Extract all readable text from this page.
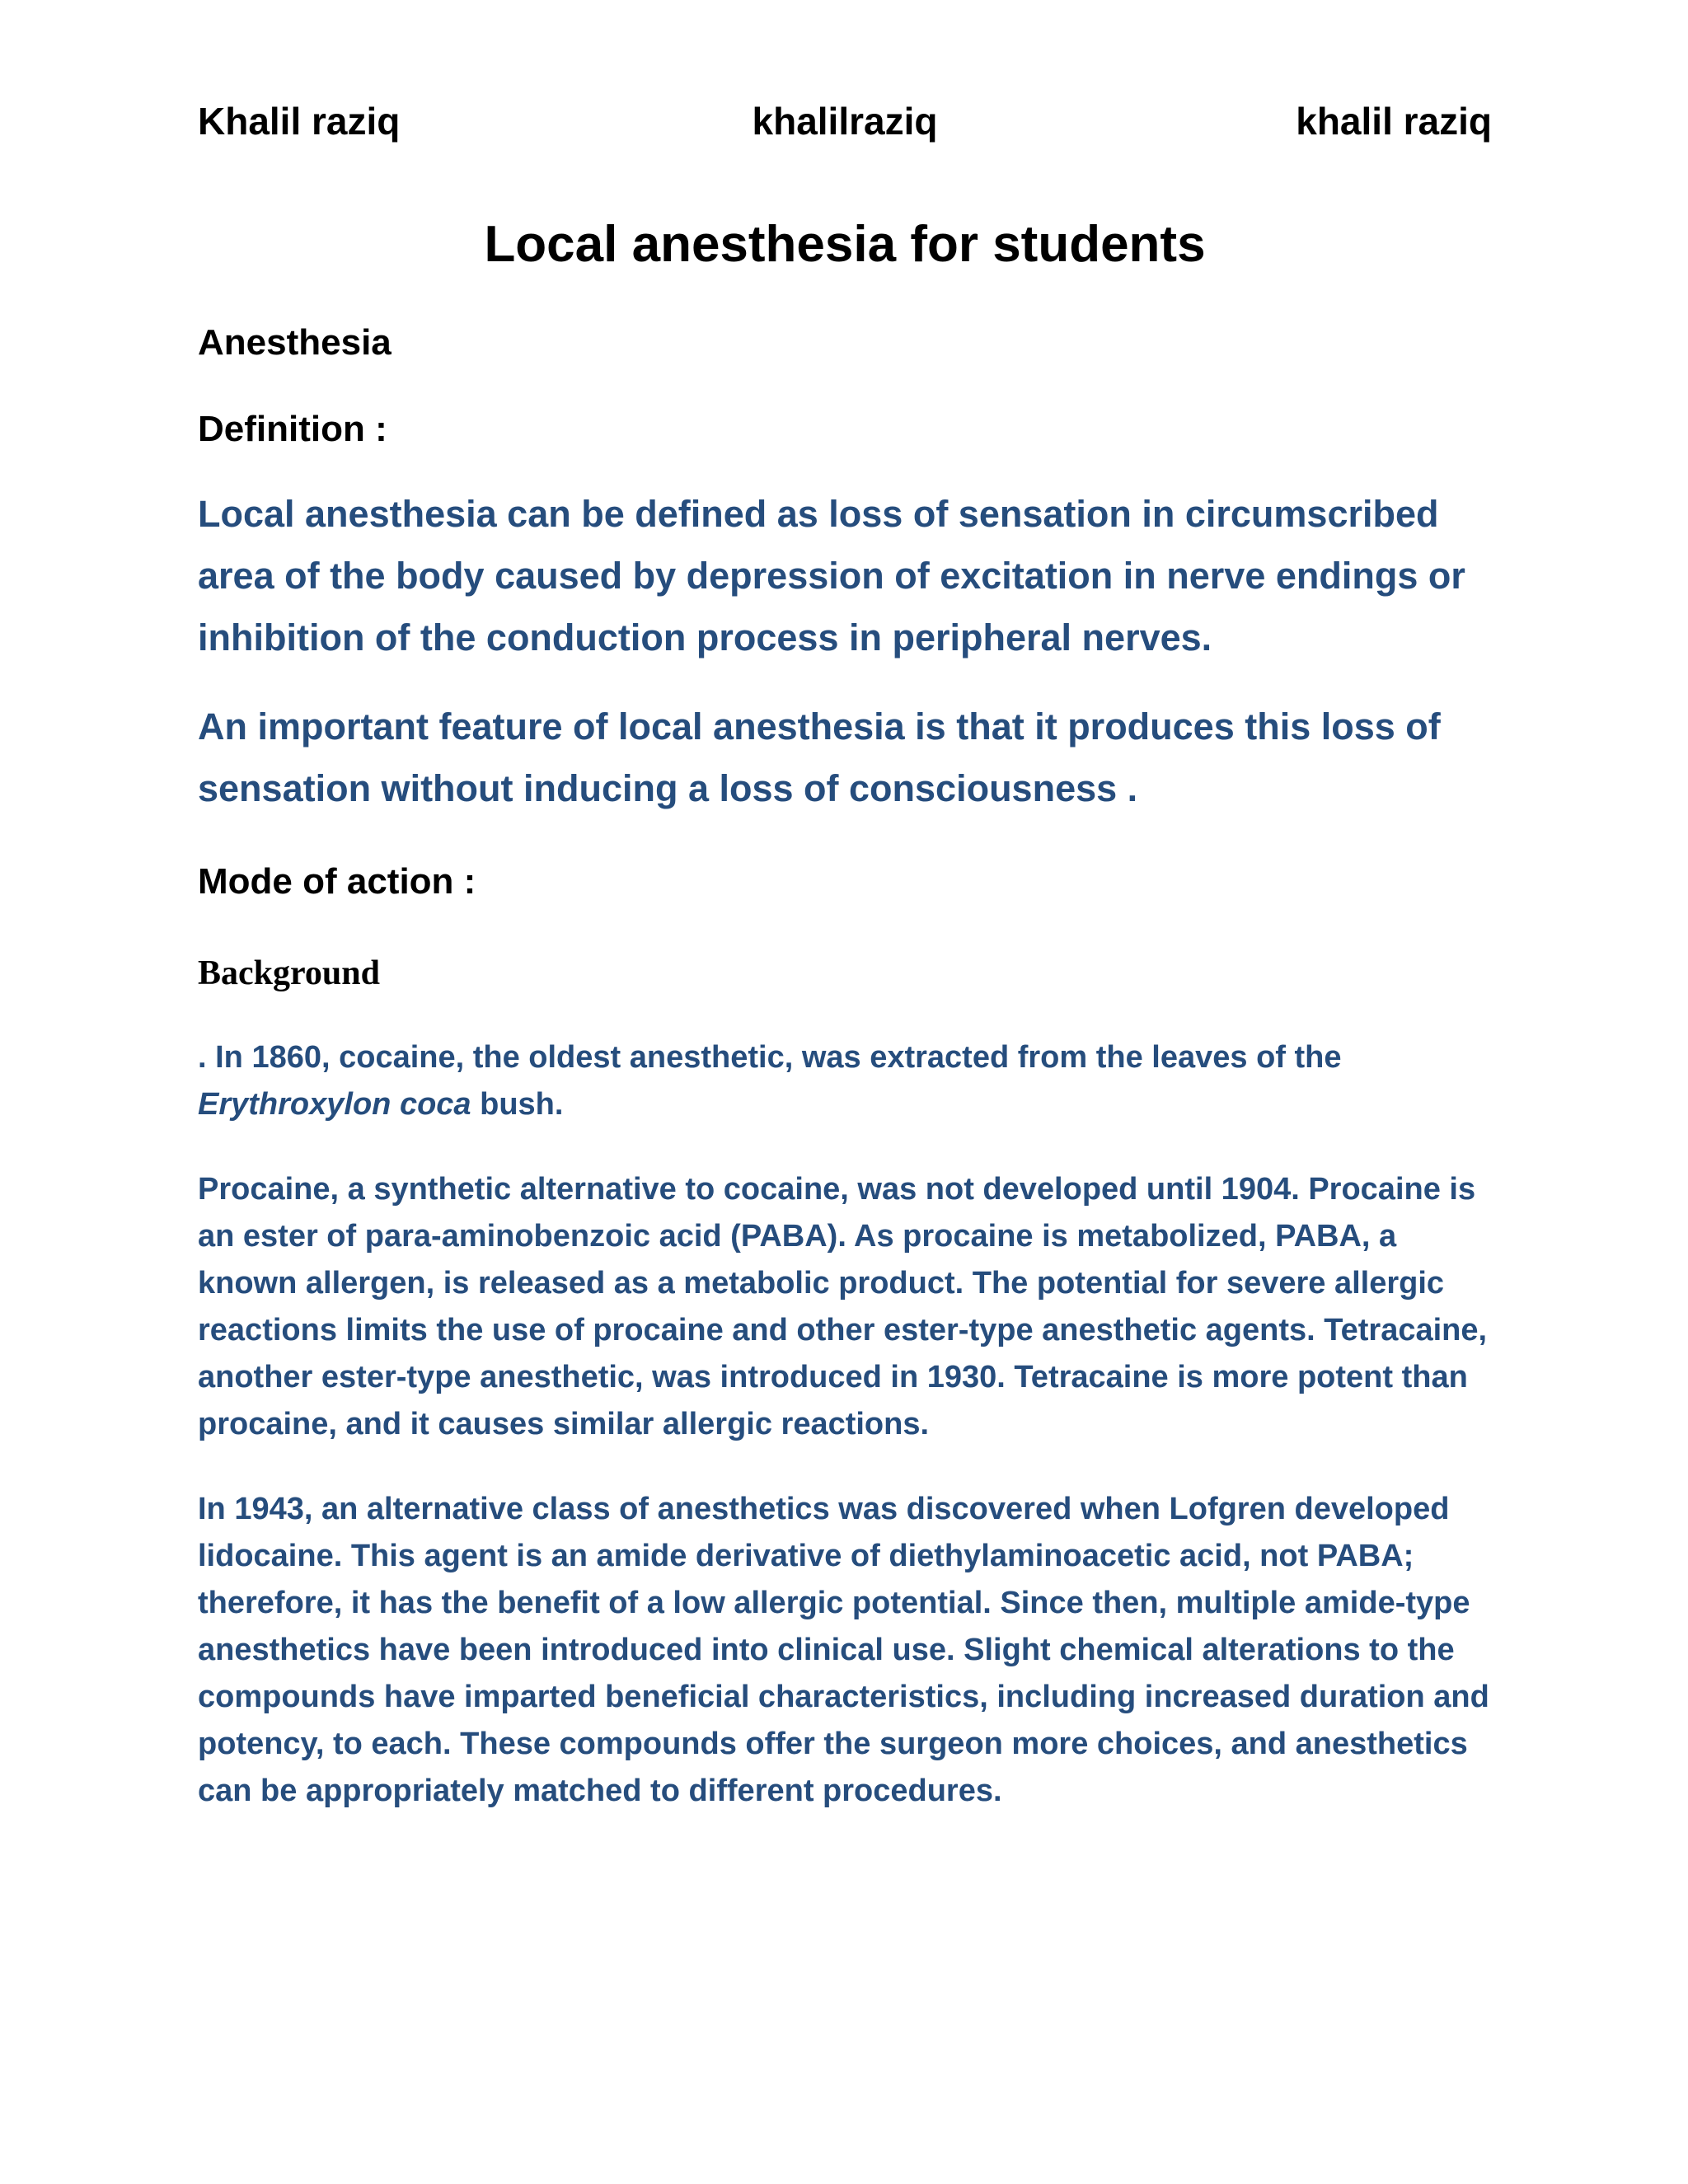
Khalil raziq	khalilraziq	khalil raziq
Local anesthesia for students
Anesthesia
Definition :

Local anesthesia can be defined as loss of sensation in circumscribed area of the body caused by depression of excitation in nerve endings or inhibition of the conduction process in peripheral nerves.

An important feature of local anesthesia is that it produces this loss of sensation without inducing a loss of consciousness .

Mode of action :
Background

. In 1860, cocaine, the oldest anesthetic, was extracted from the leaves of the Erythroxylon coca bush.

Procaine, a synthetic alternative to cocaine, was not developed until 1904. Procaine is an ester of para-aminobenzoic acid (PABA). As procaine is metabolized, PABA, a known allergen, is released as a metabolic product. The potential for severe allergic reactions limits the use of procaine and other ester-type anesthetic agents. Tetracaine, another ester-type anesthetic, was introduced in 1930. Tetracaine is more potent than procaine, and it causes similar allergic reactions.

In 1943, an alternative class of anesthetics was discovered when Lofgren developed lidocaine. This agent is an amide derivative of diethylaminoacetic acid, not PABA; therefore, it has the benefit of a low allergic potential. Since then, multiple amide-type anesthetics have been introduced into clinical use. Slight chemical alterations to the compounds have imparted beneficial characteristics, including increased duration and potency, to each. These compounds offer the surgeon more choices, and anesthetics can be appropriately matched to different procedures.
